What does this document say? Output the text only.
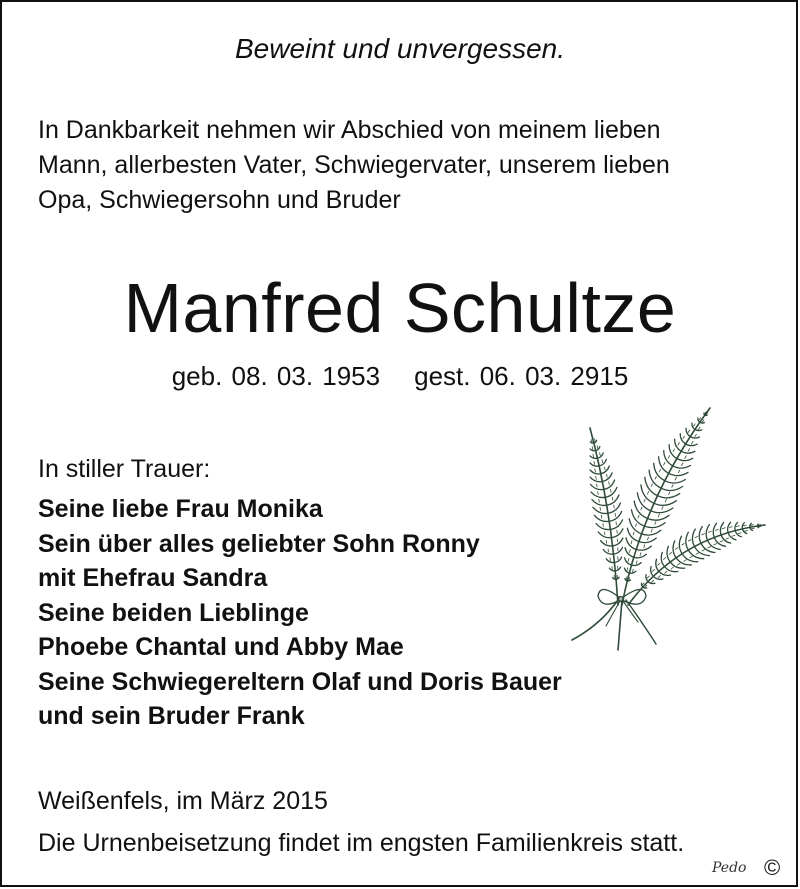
Beweint und unvergessen.
In Dankbarkeit nehmen wir Abschied von meinem lieben
Mann, allerbesten Vater, Schwiegervater, unserem lieben
Opa, Schwiegersohn und Bruder
Manfred Schultze
geb. 08. 03. 1953 gest. 06. 03. 2915
In stiller Trauer:
Seine liebe Frau Monika
Sein über alles geliebter Sohn Ronny
mit Ehefrau Sandra
Seine beiden Lieblinge
Phoebe Chantal und Abby Mae
Seine Schwiegereltern Olaf und Doris Bauer
und sein Bruder Frank
Weißenfels, im März 2015
Die Urnenbeisetzung findet im engsten Familienkreis statt.
Pedo ©
